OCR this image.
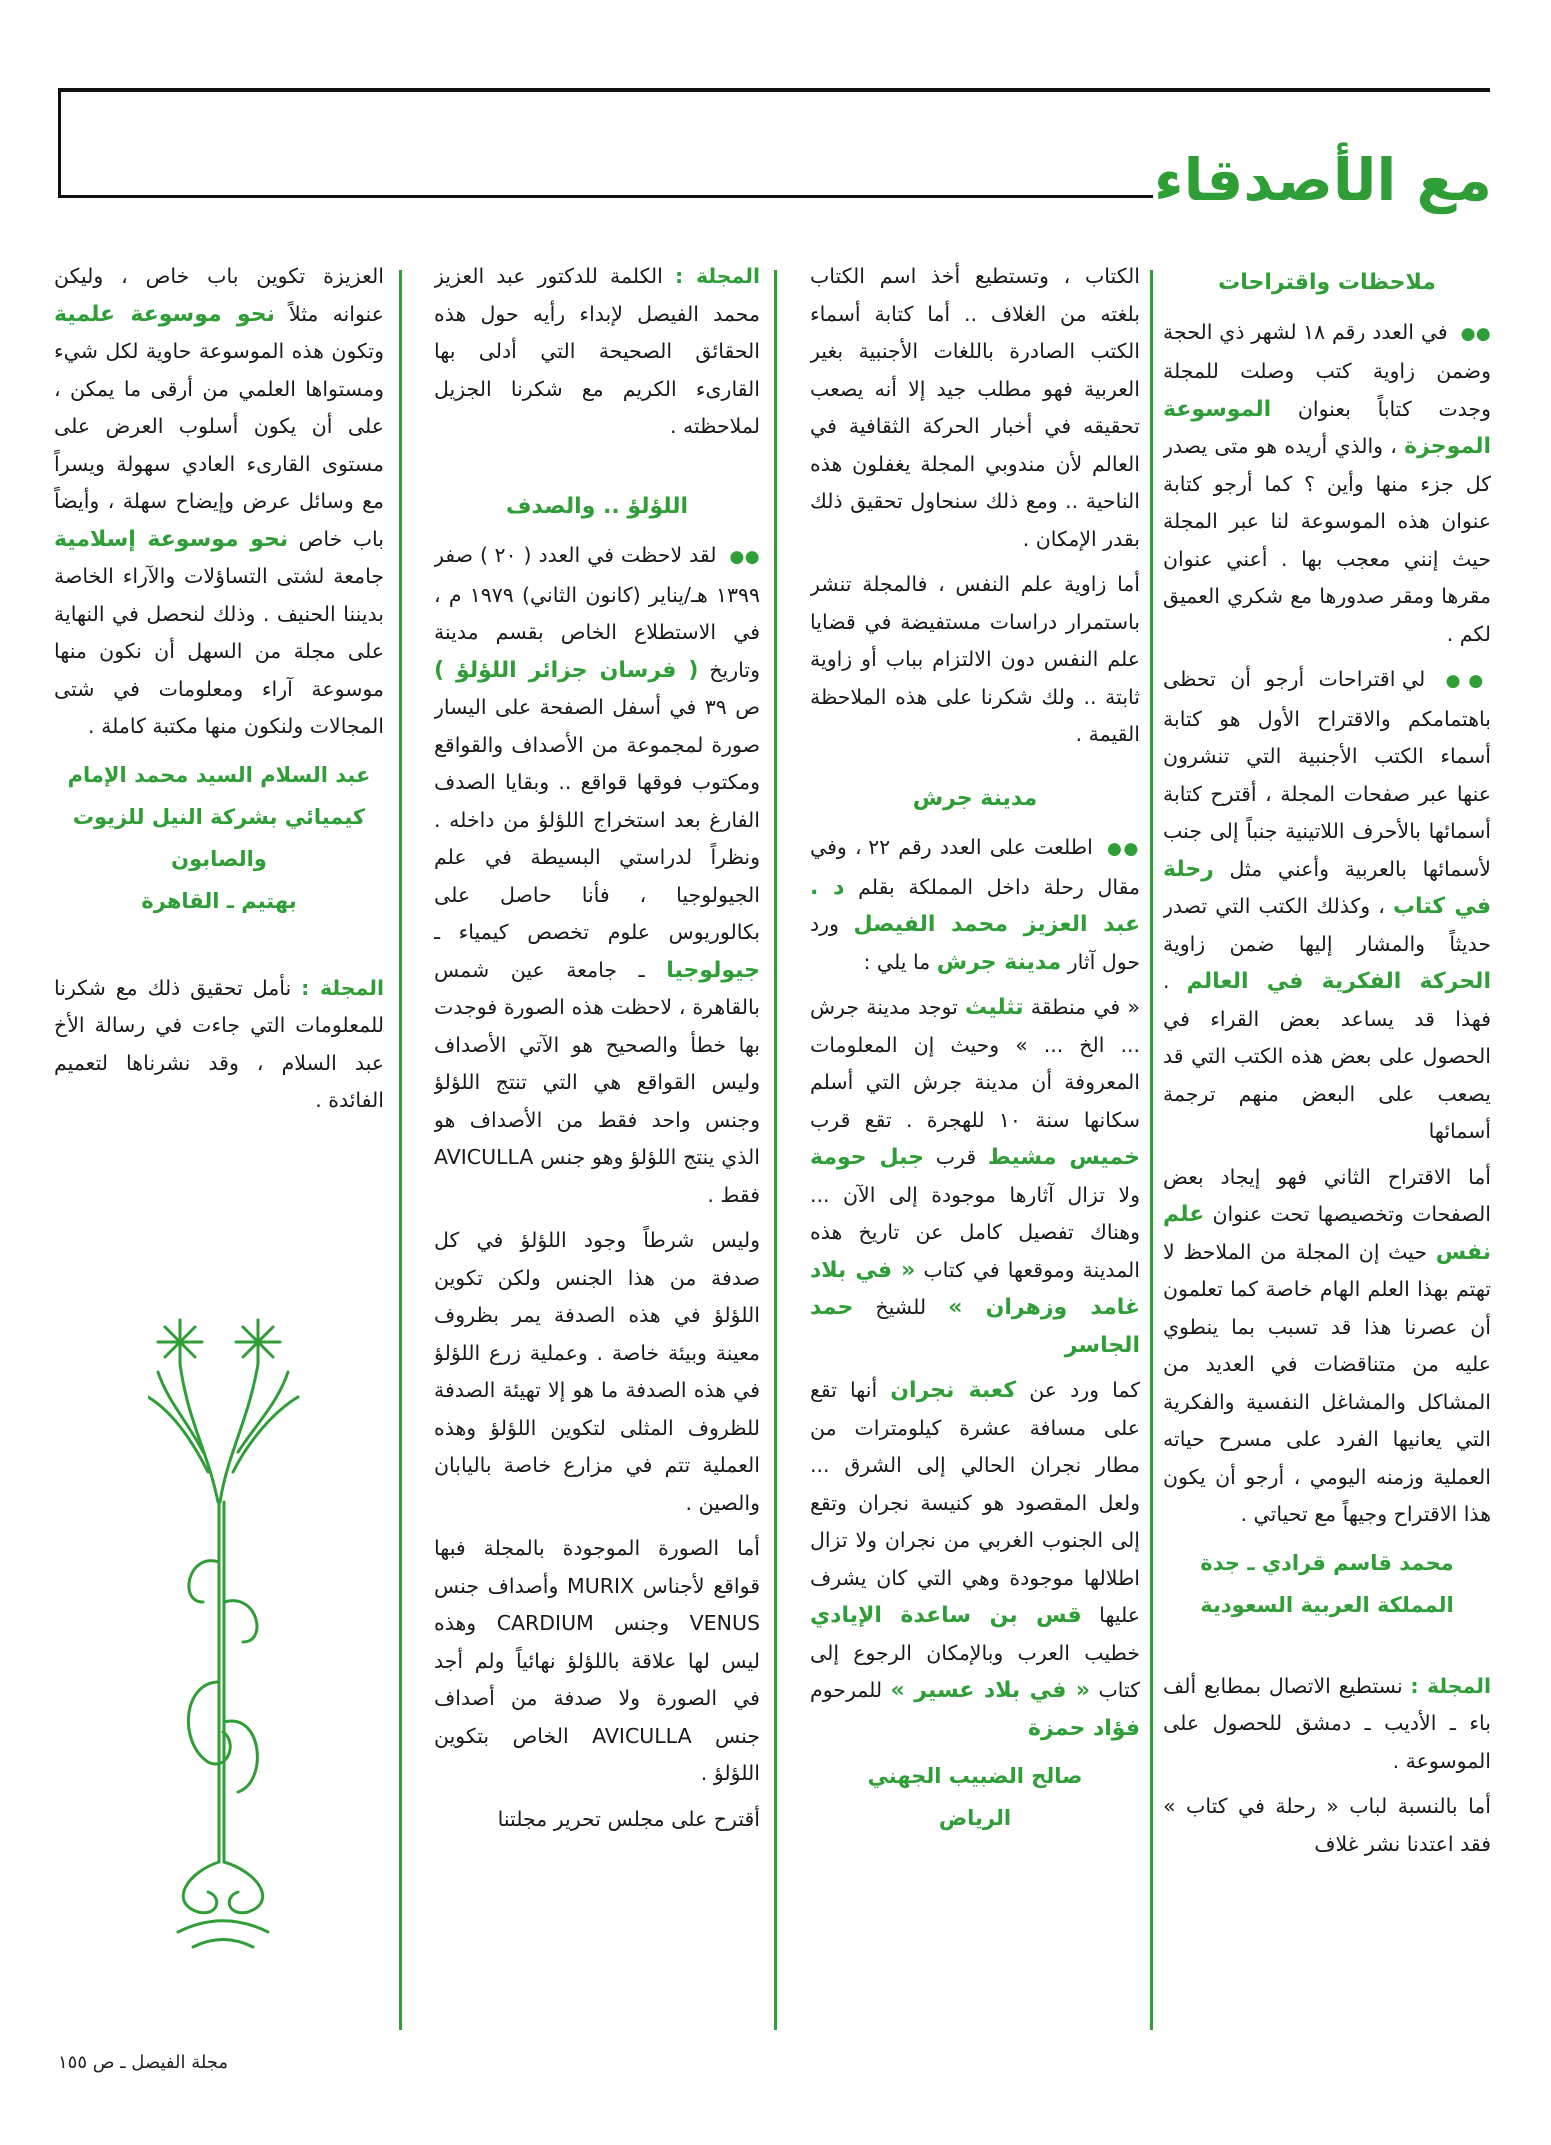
مع الأصدقاء

ملاحظات واقتراحات

●● في العدد رقم ١٨ لشهر ذي الحجة وضمن زاوية كتب وصلت للمجلة وجدت كتاباً بعنوان الموسوعة الموجزة ، والذي أريده هو متى يصدر كل جزء منها وأين ؟ كما أرجو كتابة عنوان هذه الموسوعة لنا عبر المجلة حيث إنني معجب بها . أعني عنوان مقرها ومقر صدورها مع شكري العميق لكم .

●● لي اقتراحات أرجو أن تحظى باهتمامكم والاقتراح الأول هو كتابة أسماء الكتب الأجنبية التي تنشرون عنها عبر صفحات المجلة ، أقترح كتابة أسمائها بالأحرف اللاتينية جنباً إلى جنب لأسمائها بالعربية وأعني مثل رحلة في كتاب ، وكذلك الكتب التي تصدر حديثاً والمشار إليها ضمن زاوية الحركة الفكرية في العالم . فهذا قد يساعد بعض القراء في الحصول على بعض هذه الكتب التي قد يصعب على البعض منهم ترجمة أسمائها

أما الاقتراح الثاني فهو إيجاد بعض الصفحات وتخصيصها تحت عنوان علم نفس حيث إن المجلة من الملاحظ لا تهتم بهذا العلم الهام خاصة كما تعلمون أن عصرنا هذا قد تسبب بما ينطوي عليه من متناقضات في العديد من المشاكل والمشاغل النفسية والفكرية التي يعانيها الفرد على مسرح حياته العملية وزمنه اليومي ، أرجو أن يكون هذا الاقتراح وجيهاً مع تحياتي .

محمد قاسم قرادي ـ جدة
المملكة العربية السعودية

المجلة : نستطيع الاتصال بمطابع ألف باء ـ الأديب ـ دمشق للحصول على الموسوعة .

أما بالنسبة لباب « رحلة في كتاب » فقد اعتدنا نشر غلاف

الكتاب ، وتستطيع أخذ اسم الكتاب بلغته من الغلاف .. أما كتابة أسماء الكتب الصادرة باللغات الأجنبية بغير العربية فهو مطلب جيد إلا أنه يصعب تحقيقه في أخبار الحركة الثقافية في العالم لأن مندوبي المجلة يغفلون هذه الناحية .. ومع ذلك سنحاول تحقيق ذلك بقدر الإمكان .

أما زاوية علم النفس ، فالمجلة تنشر باستمرار دراسات مستفيضة في قضايا علم النفس دون الالتزام بباب أو زاوية ثابتة .. ولك شكرنا على هذه الملاحظة القيمة .

مدينة جرش

●● اطلعت على العدد رقم ٢٢ ، وفي مقال رحلة داخل المملكة بقلم د . عبد العزيز محمد الفيصل ورد حول آثار مدينة جرش ما يلي :

« في منطقة تثليث توجد مدينة جرش ... الخ ... » وحيث إن المعلومات المعروفة أن مدينة جرش التي أسلم سكانها سنة ١٠ للهجرة . تقع قرب خميس مشيط قرب جبل حومة ولا تزال آثارها موجودة إلى الآن ... وهناك تفصيل كامل عن تاريخ هذه المدينة وموقعها في كتاب « في بلاد غامد وزهران » للشيخ حمد الجاسر

كما ورد عن كعبة نجران أنها تقع على مسافة عشرة كيلومترات من مطار نجران الحالي إلى الشرق ... ولعل المقصود هو كنيسة نجران وتقع إلى الجنوب الغربي من نجران ولا تزال اطلالها موجودة وهي التي كان يشرف عليها قس بن ساعدة الإيادي خطيب العرب وبالإمكان الرجوع إلى كتاب « في بلاد عسير » للمرحوم فؤاد حمزة

صالح الضبيب الجهني
الرياض

المجلة : الكلمة للدكتور عبد العزيز محمد الفيصل لإبداء رأيه حول هذه الحقائق الصحيحة التي أدلى بها القارىء الكريم مع شكرنا الجزيل لملاحظته .

اللؤلؤ .. والصدف

●● لقد لاحظت في العدد ( ٢٠ ) صفر ١٣٩٩ هـ/يناير (كانون الثاني) ١٩٧٩ م ، في الاستطلاع الخاص بقسم مدينة وتاريخ ( فرسان جزائر اللؤلؤ ) ص ٣٩ في أسفل الصفحة على اليسار صورة لمجموعة من الأصداف والقواقع ومكتوب فوقها قواقع .. وبقايا الصدف الفارغ بعد استخراج اللؤلؤ من داخله . ونظراً لدراستي البسيطة في علم الجيولوجيا ، فأنا حاصل على بكالوريوس علوم تخصص كيمياء ـ جيولوجيا ـ جامعة عين شمس بالقاهرة ، لاحظت هذه الصورة فوجدت بها خطأ والصحيح هو الآتي الأصداف وليس القواقع هي التي تنتج اللؤلؤ وجنس واحد فقط من الأصداف هو الذي ينتج اللؤلؤ وهو جنس AVICULLA فقط .

وليس شرطاً وجود اللؤلؤ في كل صدفة من هذا الجنس ولكن تكوين اللؤلؤ في هذه الصدفة يمر بظروف معينة وبيئة خاصة . وعملية زرع اللؤلؤ في هذه الصدفة ما هو إلا تهيئة الصدفة للظروف المثلى لتكوين اللؤلؤ وهذه العملية تتم في مزارع خاصة باليابان والصين .

أما الصورة الموجودة بالمجلة فبها قواقع لأجناس MURIX وأصداف جنس VENUS وجنس CARDIUM وهذه ليس لها علاقة باللؤلؤ نهائياً ولم أجد في الصورة ولا صدفة من أصداف جنس AVICULLA الخاص بتكوين اللؤلؤ .

أقترح على مجلس تحرير مجلتنا

العزيزة تكوين باب خاص ، وليكن عنوانه مثلاً نحو موسوعة علمية وتكون هذه الموسوعة حاوية لكل شيء ومستواها العلمي من أرقى ما يمكن ، على أن يكون أسلوب العرض على مستوى القارىء العادي سهولة ويسراً مع وسائل عرض وإيضاح سهلة ، وأيضاً باب خاص نحو موسوعة إسلامية جامعة لشتى التساؤلات والآراء الخاصة بديننا الحنيف . وذلك لنحصل في النهاية على مجلة من السهل أن نكون منها موسوعة آراء ومعلومات في شتى المجالات ولنكون منها مكتبة كاملة .

عبد السلام السيد محمد الإمام
كيميائي بشركة النيل للزيوت
والصابون
بهتيم ـ القاهرة

المجلة : نأمل تحقيق ذلك مع شكرنا للمعلومات التي جاءت في رسالة الأخ عبد السلام ، وقد نشرناها لتعميم الفائدة .

مجلة الفيصل ـ ص ١٥٥
